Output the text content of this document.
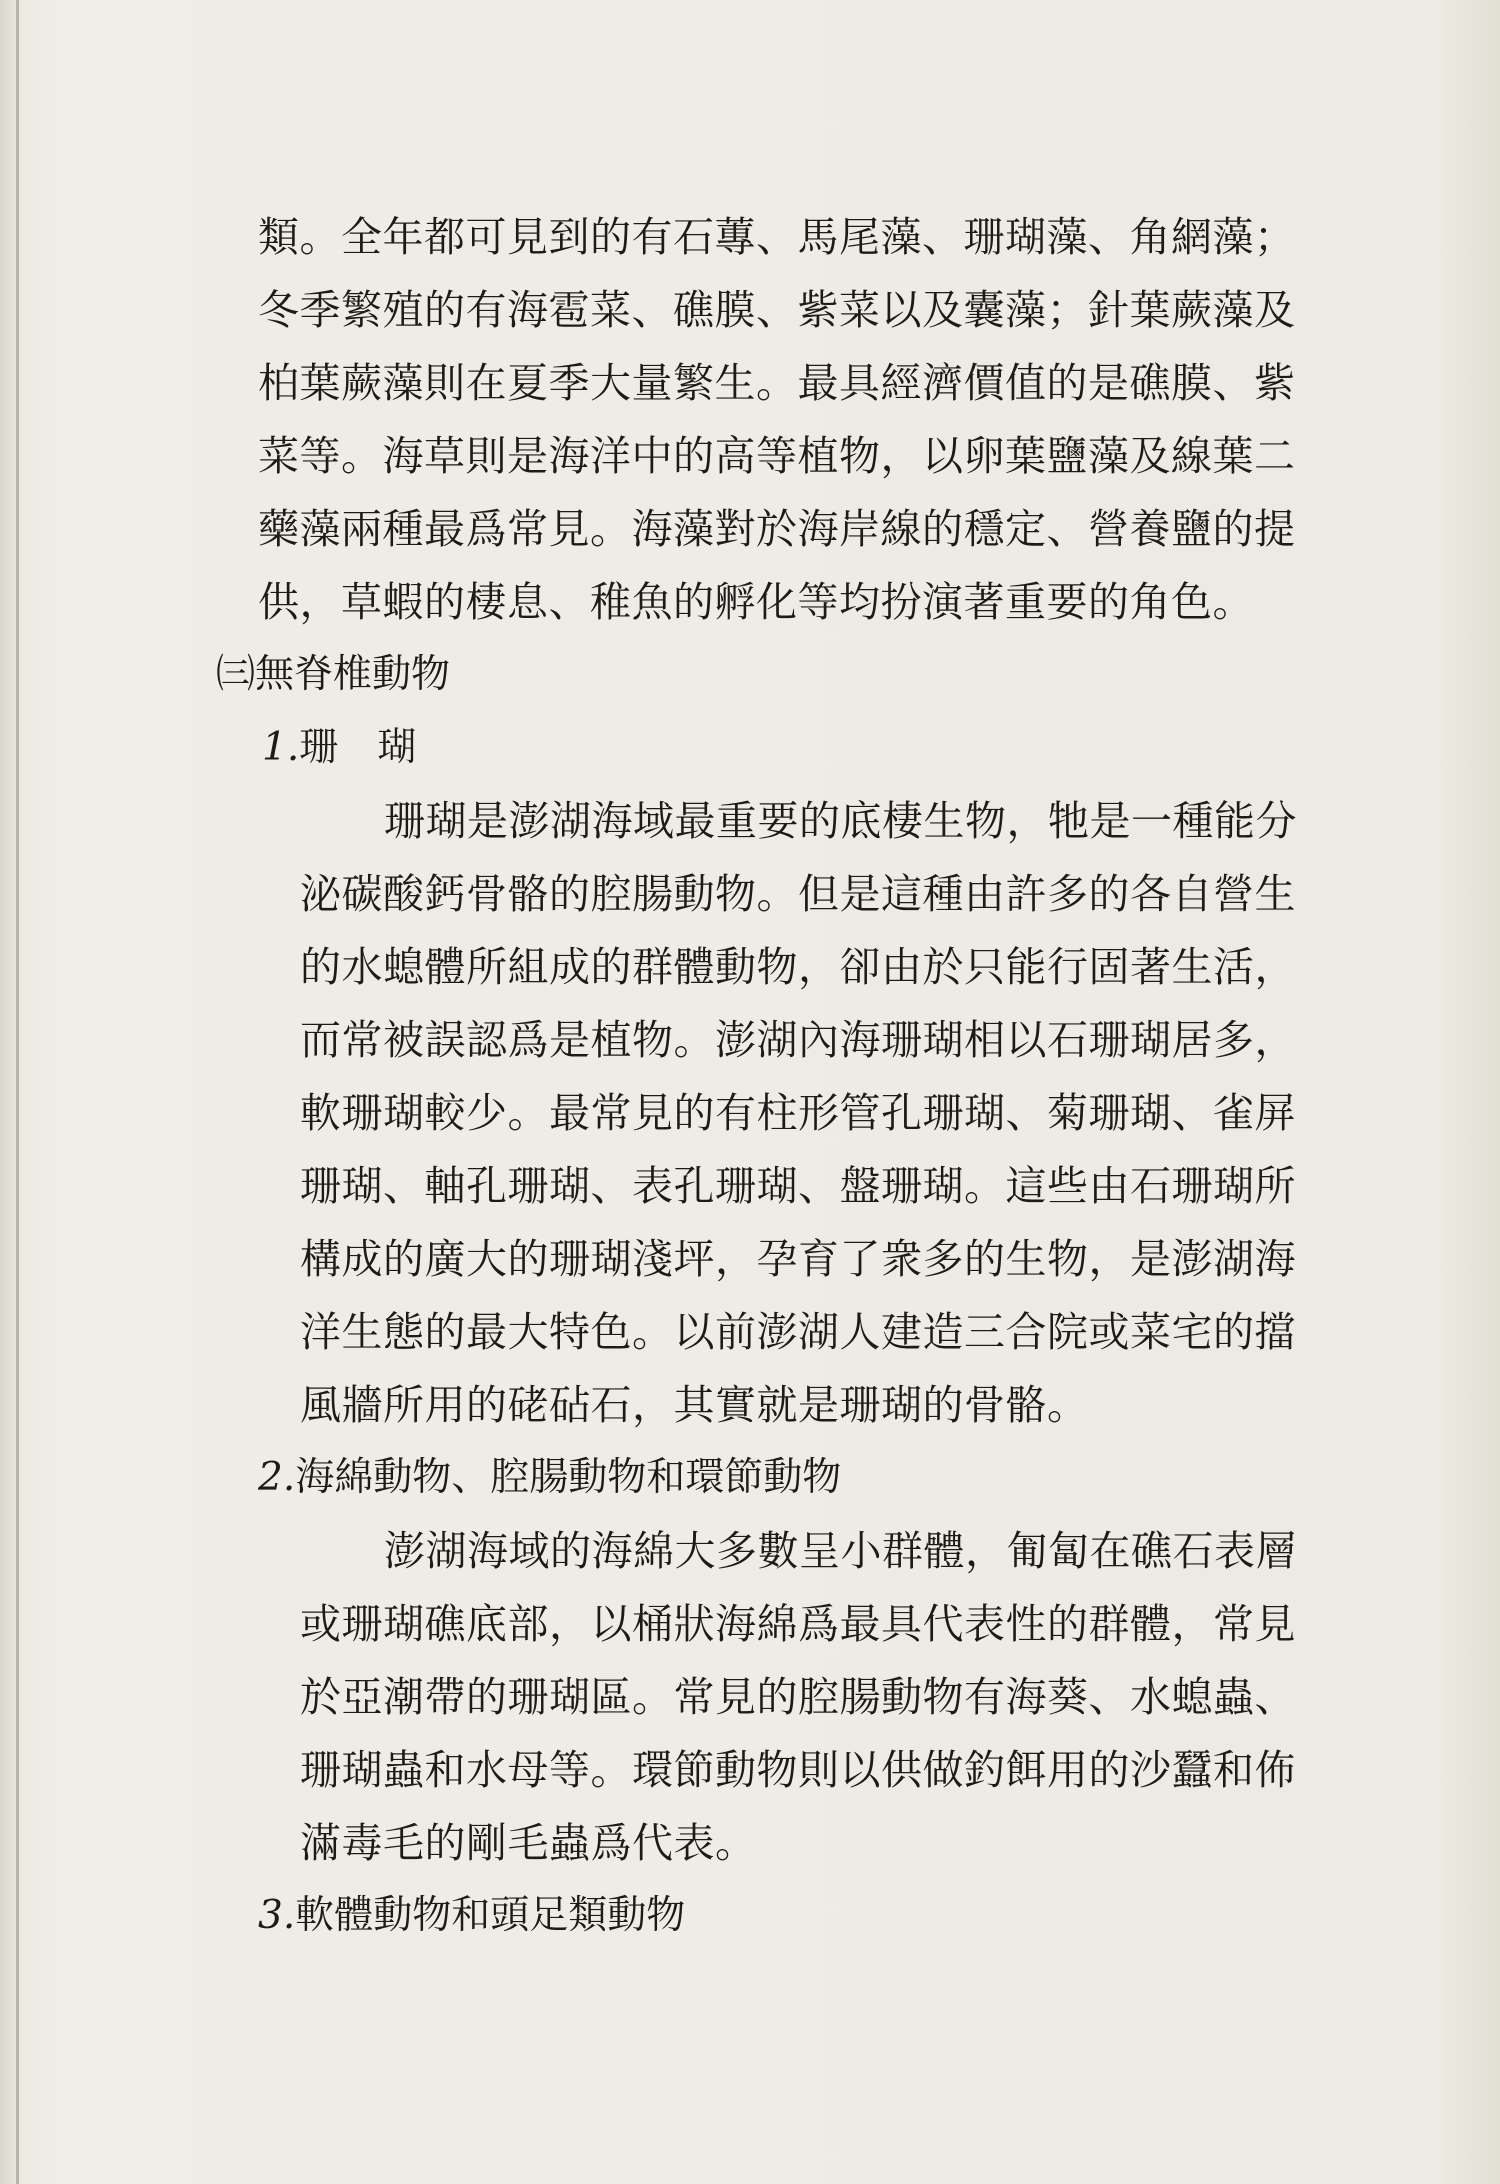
類。全年都可見到的有石蓴、馬尾藻、珊瑚藻、角網藻；
冬季繁殖的有海雹菜、礁膜、紫菜以及囊藻；針葉蕨藻及
柏葉蕨藻則在夏季大量繁生。最具經濟價值的是礁膜、紫
菜等。海草則是海洋中的高等植物，以卵葉鹽藻及線葉二
藥藻兩種最爲常見。海藻對於海岸線的穩定、營養鹽的提
供，草蝦的棲息、稚魚的孵化等均扮演著重要的角色。
㈢無脊椎動物
1.珊　瑚
珊瑚是澎湖海域最重要的底棲生物，牠是一種能分
泌碳酸鈣骨骼的腔腸動物。但是這種由許多的各自營生
的水螅體所組成的群體動物，卻由於只能行固著生活，
而常被誤認爲是植物。澎湖內海珊瑚相以石珊瑚居多，
軟珊瑚較少。最常見的有柱形管孔珊瑚、菊珊瑚、雀屏
珊瑚、軸孔珊瑚、表孔珊瑚、盤珊瑚。這些由石珊瑚所
構成的廣大的珊瑚淺坪，孕育了衆多的生物，是澎湖海
洋生態的最大特色。以前澎湖人建造三合院或菜宅的擋
風牆所用的硓砧石，其實就是珊瑚的骨骼。
2.海綿動物、腔腸動物和環節動物
澎湖海域的海綿大多數呈小群體，匍匐在礁石表層
或珊瑚礁底部，以桶狀海綿爲最具代表性的群體，常見
於亞潮帶的珊瑚區。常見的腔腸動物有海葵、水螅蟲、
珊瑚蟲和水母等。環節動物則以供做釣餌用的沙蠶和佈
滿毒毛的剛毛蟲爲代表。
3.軟體動物和頭足類動物
